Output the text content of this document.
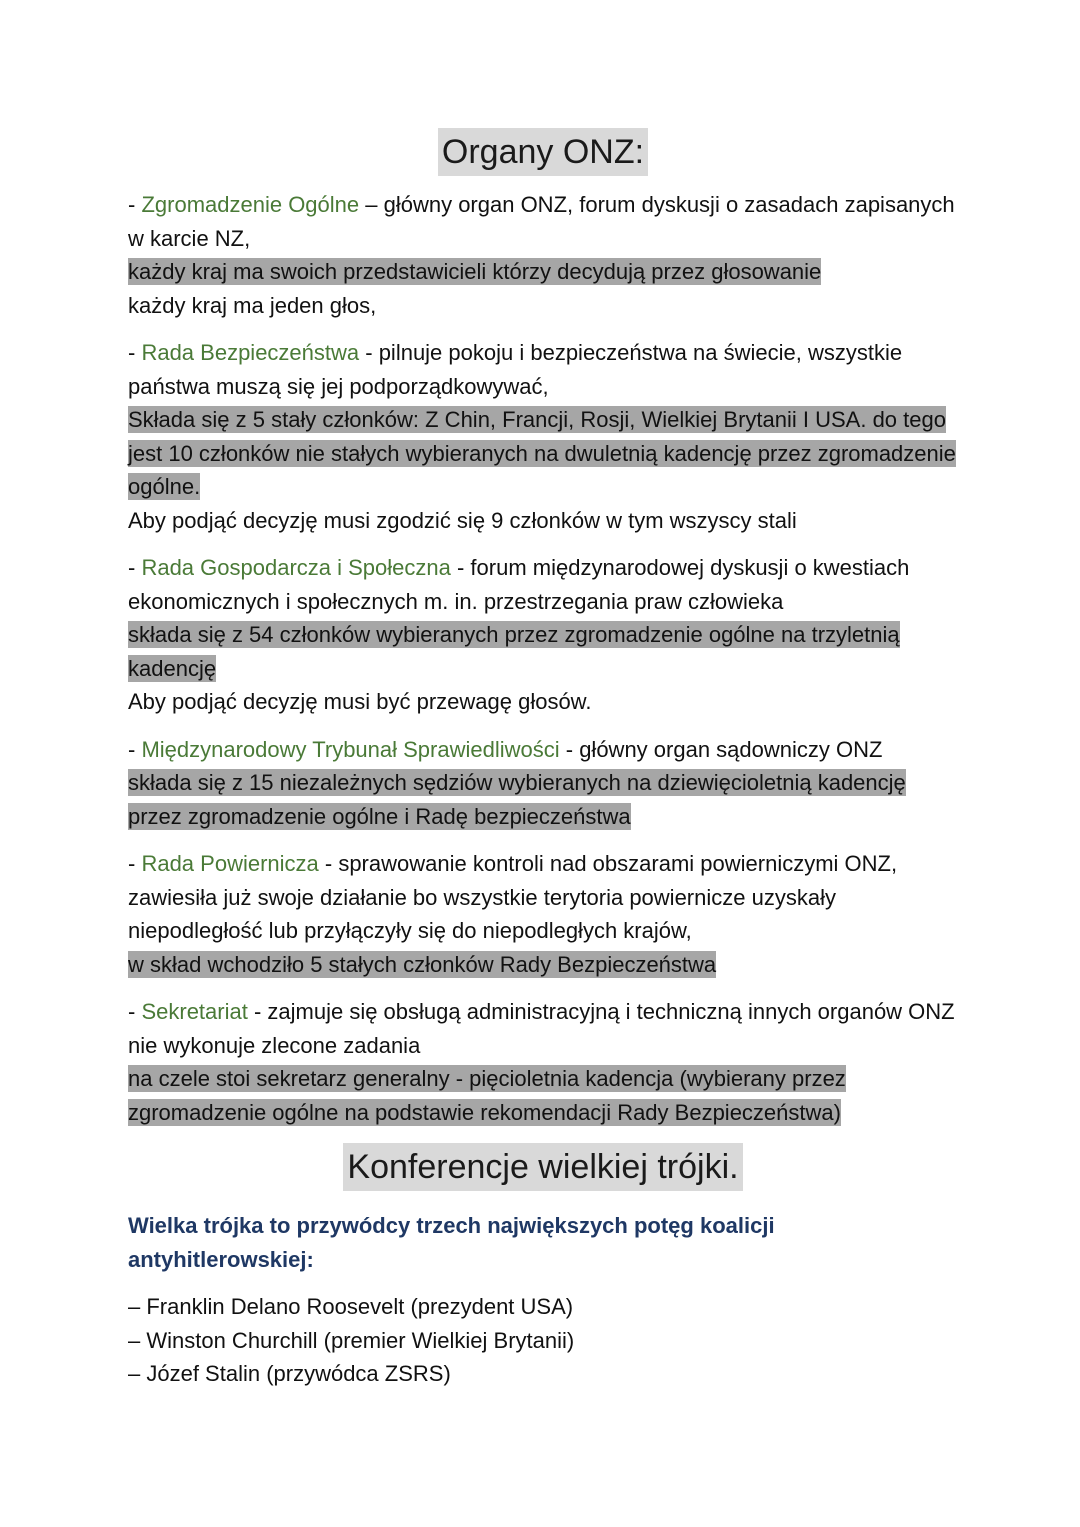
Organy ONZ:

- Zgromadzenie Ogólne – główny organ ONZ, forum dyskusji o zasadach zapisanych w karcie NZ,
każdy kraj ma swoich przedstawicieli którzy decydują przez głosowanie
każdy kraj ma jeden głos,

- Rada Bezpieczeństwa - pilnuje pokoju i bezpieczeństwa na świecie, wszystkie państwa muszą się jej podporządkowywać,
Składa się z 5 stały członków: Z Chin, Francji, Rosji, Wielkiej Brytanii I USA. do tego jest 10 członków nie stałych wybieranych na dwuletnią kadencję przez zgromadzenie ogólne.
Aby podjąć decyzję musi zgodzić się 9 członków w tym wszyscy stali

- Rada Gospodarcza i Społeczna - forum międzynarodowej dyskusji o kwestiach ekonomicznych i społecznych m. in. przestrzegania praw człowieka
składa się z 54 członków wybieranych przez zgromadzenie ogólne na trzyletnią kadencję
Aby podjąć decyzję musi być przewagę głosów.

- Międzynarodowy Trybunał Sprawiedliwości - główny organ sądowniczy ONZ
składa się z 15 niezależnych sędziów wybieranych na dziewięcioletnią kadencję przez zgromadzenie ogólne i Radę bezpieczeństwa

- Rada Powiernicza - sprawowanie kontroli nad obszarami powierniczymi ONZ, zawiesiła już swoje działanie bo wszystkie terytoria powiernicze uzyskały niepodległość lub przyłączyły się do niepodległych krajów,
w skład wchodziło 5 stałych członków Rady Bezpieczeństwa

- Sekretariat - zajmuje się obsługą administracyjną i techniczną innych organów ONZ nie wykonuje zlecone zadania
na czele stoi sekretarz generalny - pięcioletnia kadencja (wybierany przez zgromadzenie ogólne na podstawie rekomendacji Rady Bezpieczeństwa)

Konferencje wielkiej trójki.
Wielka trójka to przywódcy trzech największych potęg koalicji antyhitlerowskiej:
– Franklin Delano Roosevelt (prezydent USA)
– Winston Churchill (premier Wielkiej Brytanii)
– Józef Stalin (przywódca ZSRS)
